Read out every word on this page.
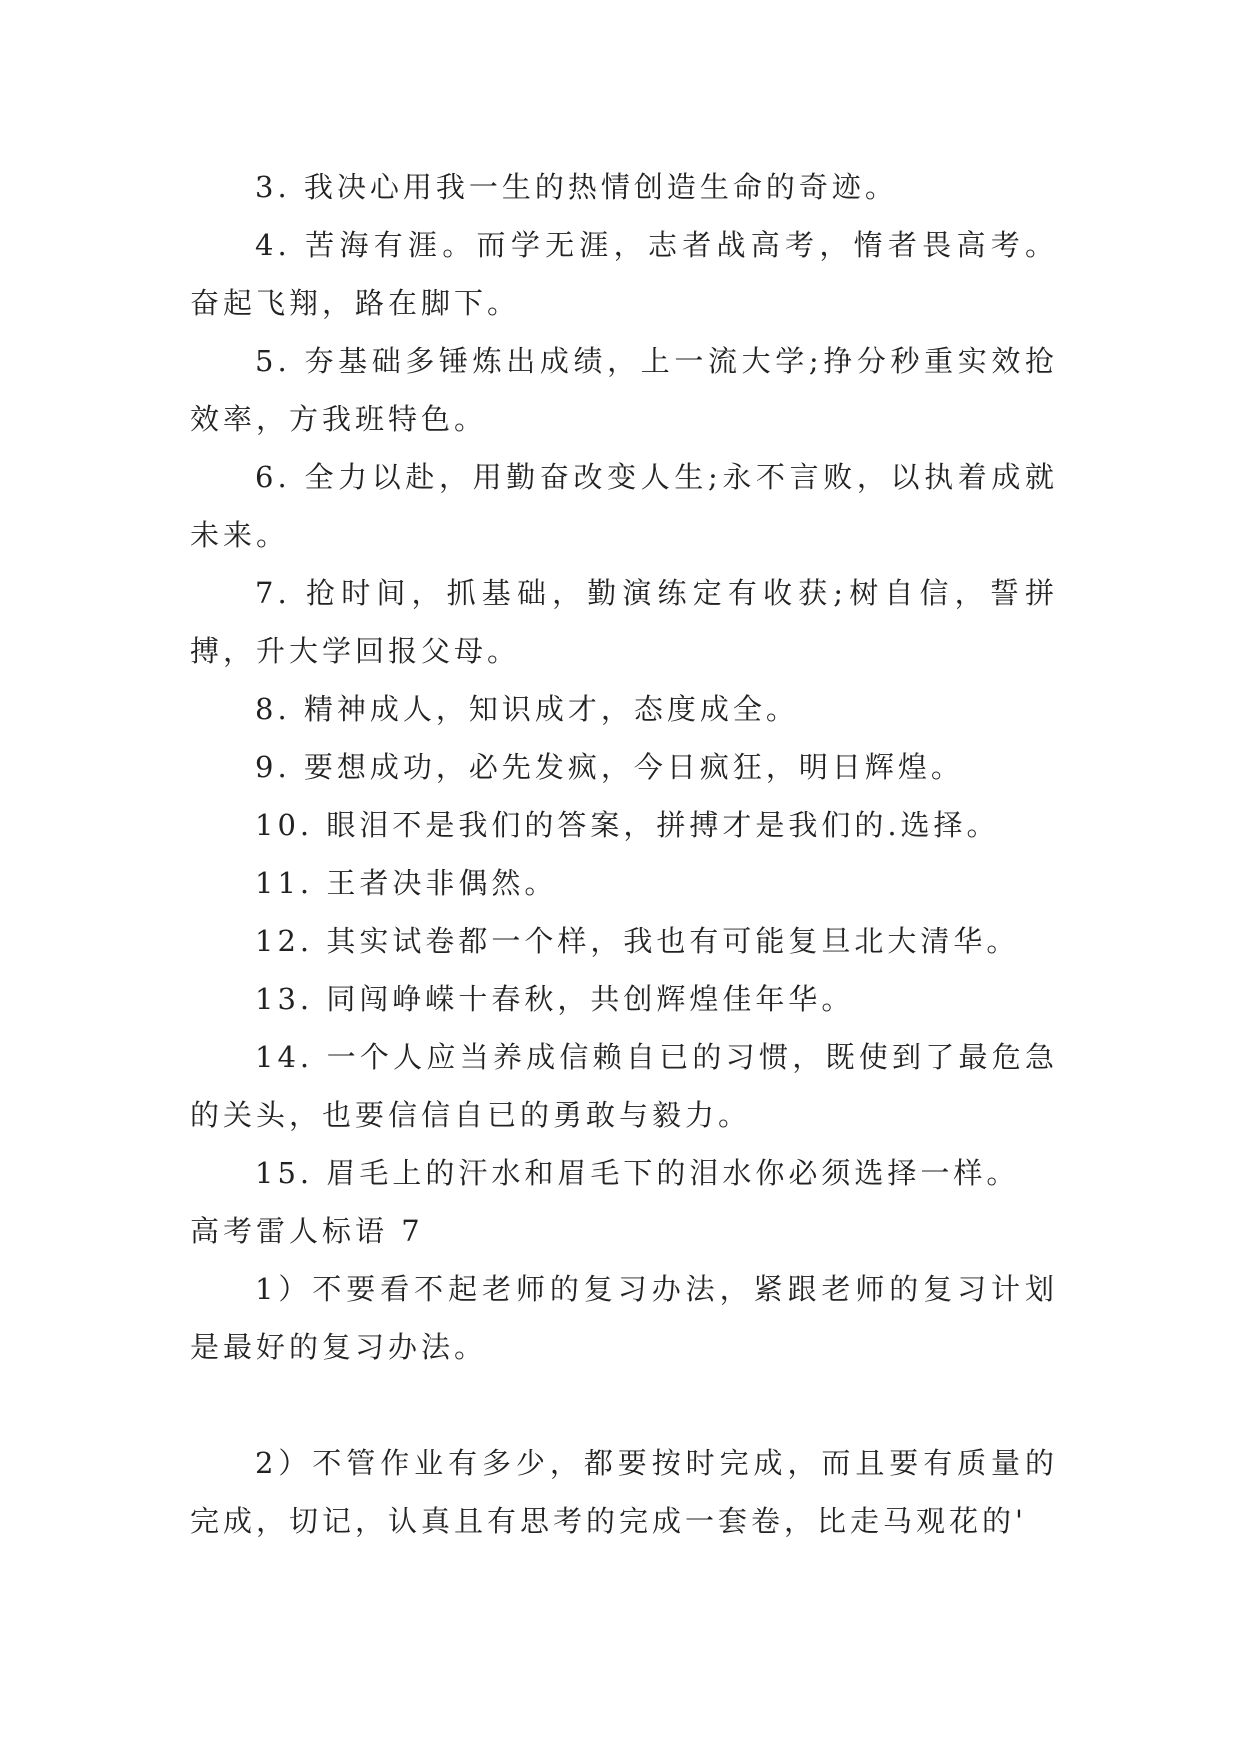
3. 我决心用我一生的热情创造生命的奇迹。

4. 苦海有涯。而学无涯，志者战高考，惰者畏高考。奋起飞翔，路在脚下。

5. 夯基础多锤炼出成绩，上一流大学;挣分秒重实效抢效率，方我班特色。

6. 全力以赴，用勤奋改变人生;永不言败，以执着成就未来。

7. 抢时间，抓基础，勤演练定有收获;树自信，誓拼搏，升大学回报父母。

8. 精神成人，知识成才，态度成全。

9. 要想成功，必先发疯，今日疯狂，明日辉煌。

10. 眼泪不是我们的答案，拼搏才是我们的.选择。

11. 王者决非偶然。

12. 其实试卷都一个样，我也有可能复旦北大清华。

13. 同闯峥嵘十春秋，共创辉煌佳年华。

14. 一个人应当养成信赖自已的习惯，既使到了最危急的关头，也要信信自已的勇敢与毅力。

15. 眉毛上的汗水和眉毛下的泪水你必须选择一样。

高考雷人标语 7

1）不要看不起老师的复习办法，紧跟老师的复习计划是最好的复习办法。

2）不管作业有多少，都要按时完成，而且要有质量的完成，切记，认真且有思考的完成一套卷，比走马观花的'
